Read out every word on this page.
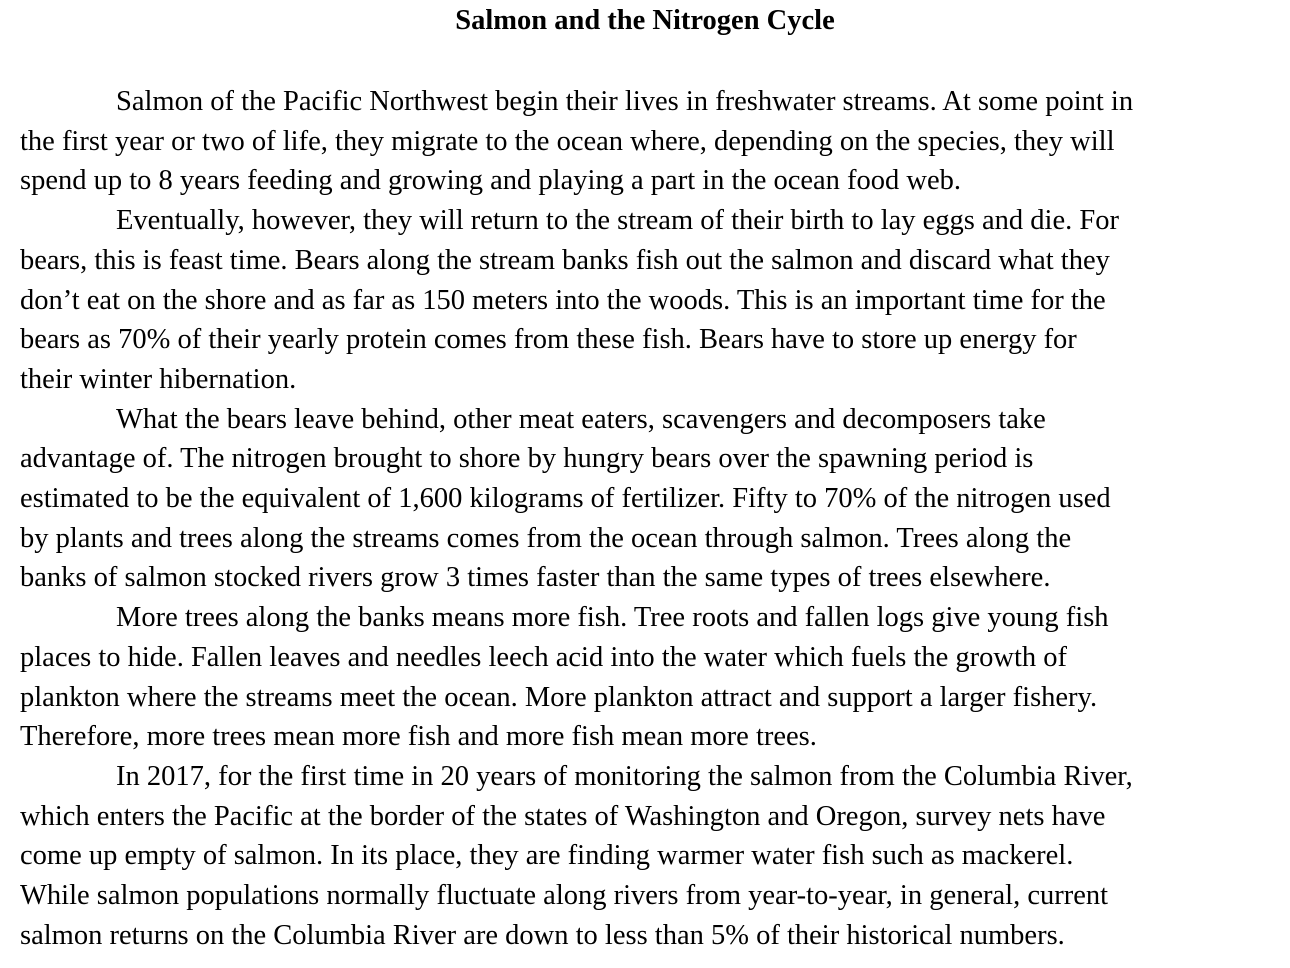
Salmon and the Nitrogen Cycle

Salmon of the Pacific Northwest begin their lives in freshwater streams. At some point in
the first year or two of life, they migrate to the ocean where, depending on the species, they will
spend up to 8 years feeding and growing and playing a part in the ocean food web.

Eventually, however, they will return to the stream of their birth to lay eggs and die. For
bears, this is feast time. Bears along the stream banks fish out the salmon and discard what they
don’t eat on the shore and as far as 150 meters into the woods. This is an important time for the
bears as 70% of their yearly protein comes from these fish. Bears have to store up energy for
their winter hibernation.

What the bears leave behind, other meat eaters, scavengers and decomposers take
advantage of. The nitrogen brought to shore by hungry bears over the spawning period is
estimated to be the equivalent of 1,600 kilograms of fertilizer. Fifty to 70% of the nitrogen used
by plants and trees along the streams comes from the ocean through salmon. Trees along the
banks of salmon stocked rivers grow 3 times faster than the same types of trees elsewhere.

More trees along the banks means more fish. Tree roots and fallen logs give young fish
places to hide. Fallen leaves and needles leech acid into the water which fuels the growth of
plankton where the streams meet the ocean. More plankton attract and support a larger fishery.
Therefore, more trees mean more fish and more fish mean more trees.

In 2017, for the first time in 20 years of monitoring the salmon from the Columbia River,
which enters the Pacific at the border of the states of Washington and Oregon, survey nets have
come up empty of salmon. In its place, they are finding warmer water fish such as mackerel.
While salmon populations normally fluctuate along rivers from year-to-year, in general, current
salmon returns on the Columbia River are down to less than 5% of their historical numbers.
